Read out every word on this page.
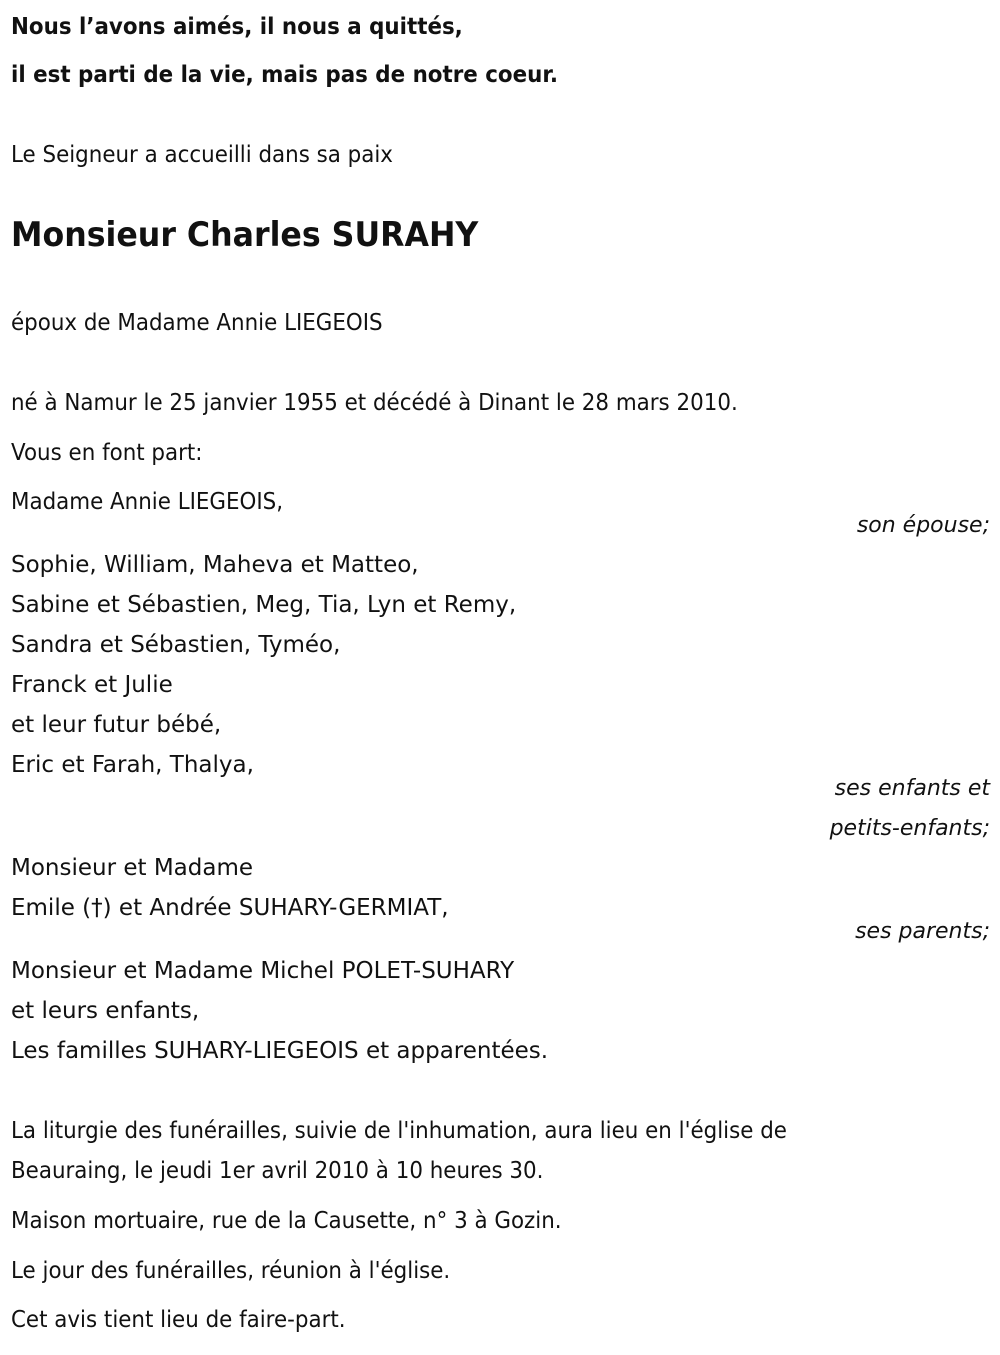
Nous l’avons aimés, il nous a quittés,
il est parti de la vie, mais pas de notre coeur.
Le Seigneur a accueilli dans sa paix
Monsieur Charles SURAHY
époux de Madame Annie LIEGEOIS
né à Namur le 25 janvier 1955 et décédé à Dinant le 28 mars 2010.
Vous en font part:
Madame Annie LIEGEOIS,
son épouse;
Sophie, William, Maheva et Matteo,
Sabine et Sébastien, Meg, Tia, Lyn et Remy,
Sandra et Sébastien, Tyméo,
Franck et Julie
et leur futur bébé,
Eric et Farah, Thalya,
ses enfants et
petits-enfants;
Monsieur et Madame
Emile (†) et Andrée SUHARY-GERMIAT,
ses parents;
Monsieur et Madame Michel POLET-SUHARY
et leurs enfants,
Les familles SUHARY-LIEGEOIS et apparentées.
La liturgie des funérailles, suivie de l'inhumation, aura lieu en l'église de
Beauraing, le jeudi 1er avril 2010 à 10 heures 30.
Maison mortuaire, rue de la Causette, n° 3 à Gozin.
Le jour des funérailles, réunion à l'église.
Cet avis tient lieu de faire-part.
